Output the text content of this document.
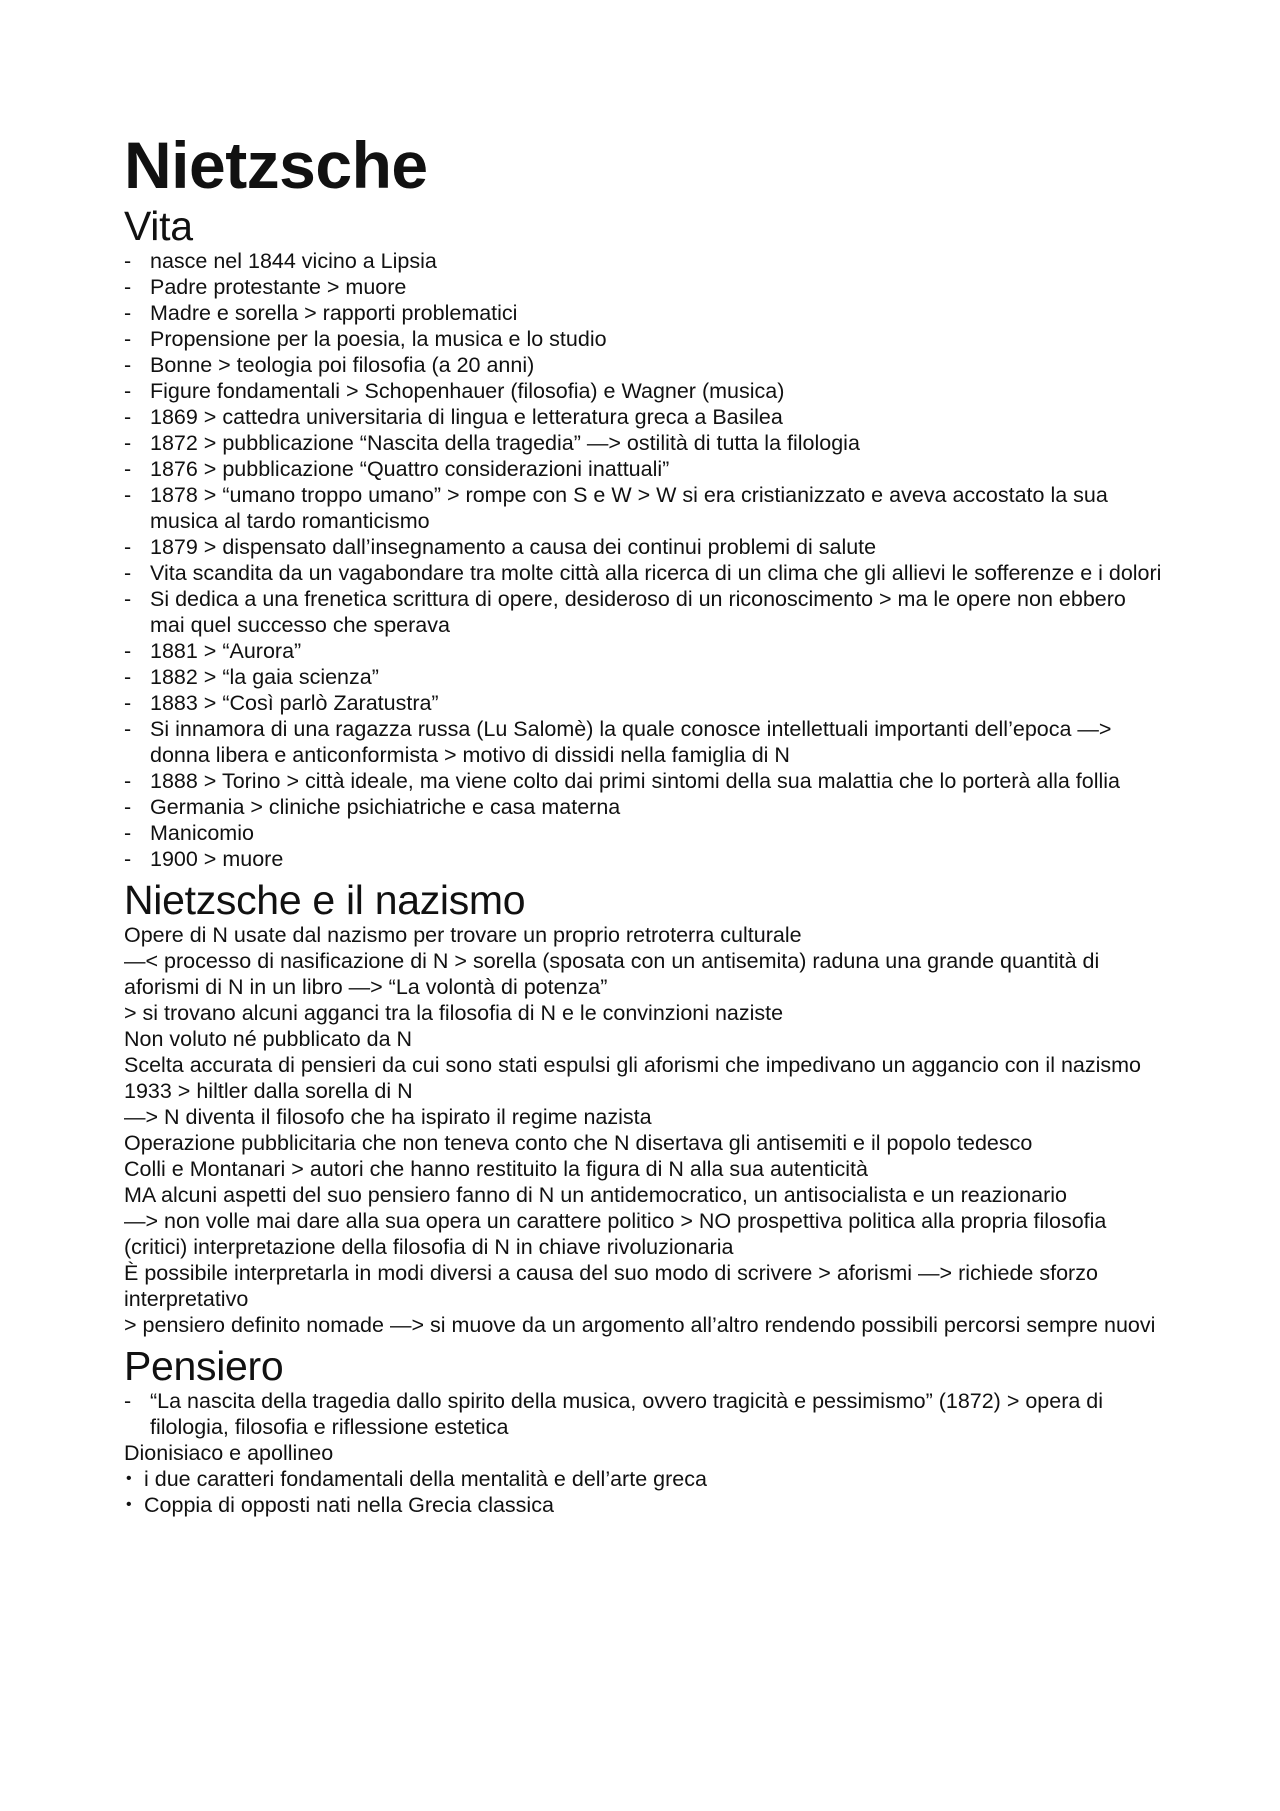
Nietzsche
Vita
- nasce nel 1844 vicino a Lipsia
- Padre protestante > muore
- Madre e sorella > rapporti problematici
- Propensione per la poesia, la musica e lo studio
- Bonne > teologia poi filosofia (a 20 anni)
- Figure fondamentali > Schopenhauer (filosofia) e Wagner (musica)
- 1869 > cattedra universitaria di lingua e letteratura greca a Basilea
- 1872 > pubblicazione “Nascita della tragedia” —> ostilità di tutta la filologia
- 1876 > pubblicazione “Quattro considerazioni inattuali”
- 1878 > “umano troppo umano” > rompe con S e W > W si era cristianizzato e aveva accostato la sua musica al tardo romanticismo
- 1879 > dispensato dall’insegnamento a causa dei continui problemi di salute
- Vita scandita da un vagabondare tra molte città alla ricerca di un clima che gli allievi le sofferenze e i dolori
- Si dedica a una frenetica scrittura di opere, desideroso di un riconoscimento > ma le opere non ebbero mai quel successo che sperava
- 1881 > “Aurora”
- 1882 > “la gaia scienza”
- 1883 > “Così parlò Zaratustra”
- Si innamora di una ragazza russa (Lu Salomè) la quale conosce intellettuali importanti dell’epoca —> donna libera e anticonformista > motivo di dissidi nella famiglia di N
- 1888 > Torino > città ideale, ma viene colto dai primi sintomi della sua malattia che lo porterà alla follia
- Germania > cliniche psichiatriche e casa materna
- Manicomio
- 1900 > muore
Nietzsche e il nazismo

Opere di N usate dal nazismo per trovare un proprio retroterra culturale

—< processo di nasificazione di N > sorella (sposata con un antisemita) raduna una grande quantità di aforismi di N in un libro —> “La volontà di potenza”

> si trovano alcuni agganci tra la filosofia di N e le convinzioni naziste

Non voluto né pubblicato da N

Scelta accurata di pensieri da cui sono stati espulsi gli aforismi che impedivano un aggancio con il nazismo

1933 > hiltler dalla sorella di N

—> N diventa il filosofo che ha ispirato il regime nazista

Operazione pubblicitaria che non teneva conto che N disertava gli antisemiti e il popolo tedesco

Colli e Montanari > autori che hanno restituito la figura di N alla sua autenticità

MA alcuni aspetti del suo pensiero fanno di N un antidemocratico, un antisocialista e un reazionario

—> non volle mai dare alla sua opera un carattere politico > NO prospettiva politica alla propria filosofia

(critici) interpretazione della filosofia di N in chiave rivoluzionaria

È possibile interpretarla in modi diversi a causa del suo modo di scrivere > aforismi —> richiede sforzo interpretativo

> pensiero definito nomade —> si muove da un argomento all’altro rendendo possibili percorsi sempre nuovi

Pensiero
- “La nascita della tragedia dallo spirito della musica, ovvero tragicità e pessimismo” (1872) > opera di filologia, filosofia e riflessione estetica

Dionisiaco e apollineo

• i due caratteri fondamentali della mentalità e dell’arte greca
• Coppia di opposti nati nella Grecia classica
